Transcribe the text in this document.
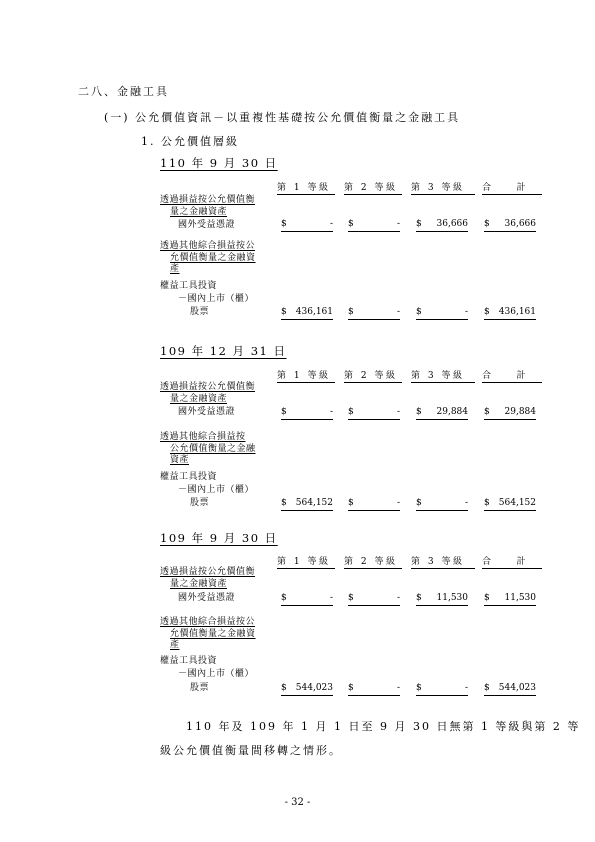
二八、金融工具
(一) 公允價值資訊－以重複性基礎按公允價值衡量之金融工具
1. 公允價值層級
110 年 9 月 30 日
第 1 等級	第 2 等級	第 3 等級	合　　計
透過損益按公允價值衡
量之金融資產
國外受益憑證	$	- $	- $ 36,666 $ 36,666
透過其他綜合損益按公
允價值衡量之金融資
產
權益工具投資
－國內上市（櫃）
股票	$ 436,161 $	- $	- $ 436,161
109 年 12 月 31 日
第 1 等級	第 2 等級	第 3 等級	合　　計
透過損益按公允價值衡
量之金融資產
國外受益憑證	$	- $	- $ 29,884 $ 29,884
透過其他綜合損益按
公允價值衡量之金融
資產
權益工具投資
－國內上市（櫃）
股票	$ 564,152 $	- $	- $ 564,152
109 年 9 月 30 日
第 1 等級	第 2 等級	第 3 等級	合　　計
透過損益按公允價值衡
量之金融資產
國外受益憑證	$	- $	- $ 11,530 $ 11,530
透過其他綜合損益按公
允價值衡量之金融資
產
權益工具投資
－國內上市（櫃）
股票	$ 544,023 $	- $	- $ 544,023
110 年及 109 年 1 月 1 日至 9 月 30 日無第 1 等級與第 2 等
級公允價值衡量間移轉之情形。
- 32 -
